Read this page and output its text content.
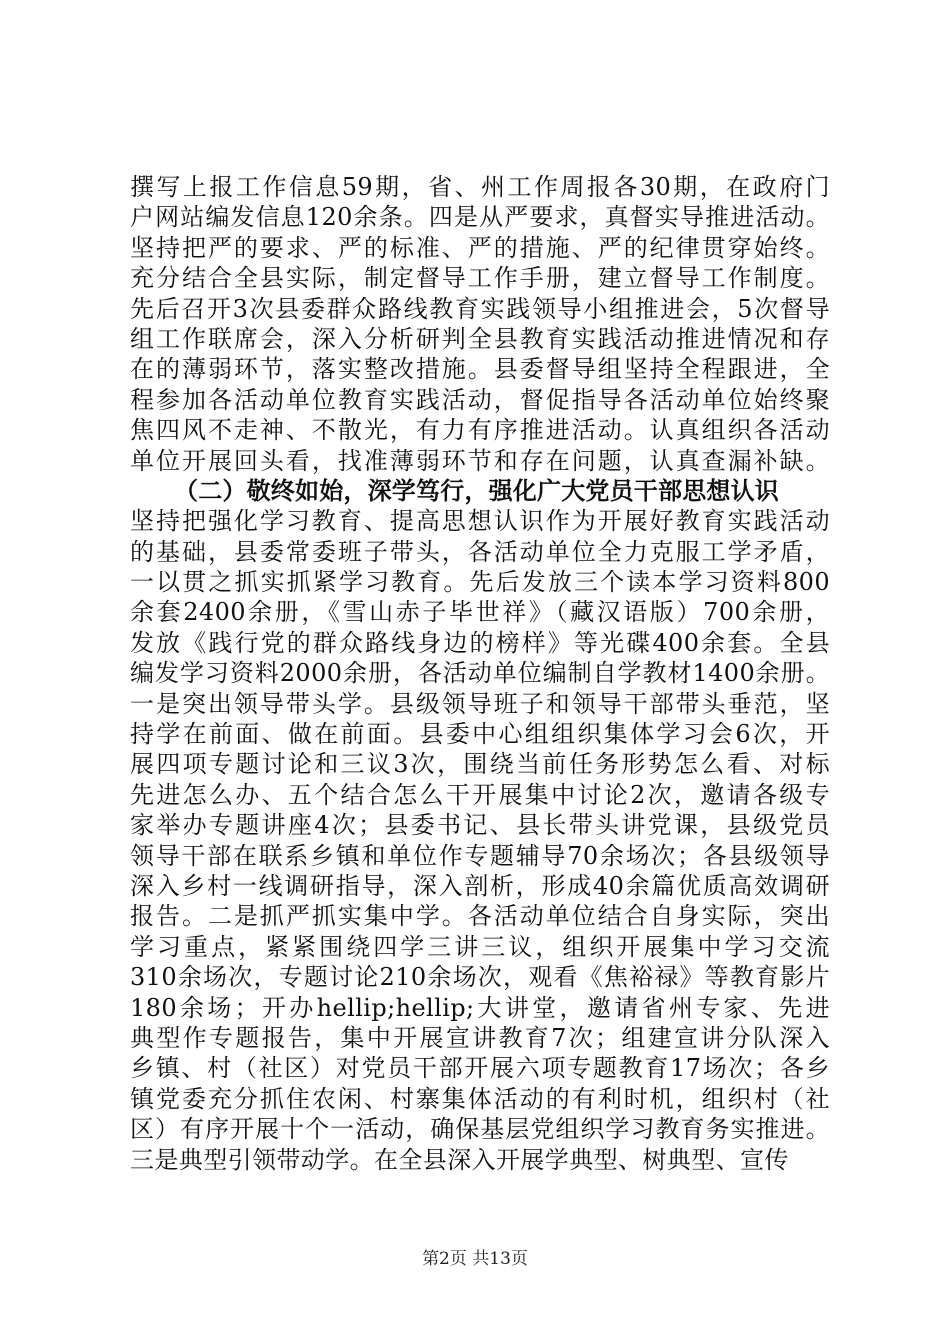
撰写上报工作信息59期，省、州工作周报各30期，在政府门
户网站编发信息120余条。四是从严要求，真督实导推进活动。
坚持把严的要求、严的标准、严的措施、严的纪律贯穿始终。
充分结合全县实际，制定督导工作手册，建立督导工作制度。
先后召开3次县委群众路线教育实践领导小组推进会，5次督导
组工作联席会，深入分析研判全县教育实践活动推进情况和存
在的薄弱环节，落实整改措施。县委督导组坚持全程跟进，全
程参加各活动单位教育实践活动，督促指导各活动单位始终聚
焦四风不走神、不散光，有力有序推进活动。认真组织各活动
单位开展回头看，找准薄弱环节和存在问题，认真查漏补缺。
（二）敬终如始，深学笃行，强化广大党员干部思想认识
坚持把强化学习教育、提高思想认识作为开展好教育实践活动
的基础，县委常委班子带头，各活动单位全力克服工学矛盾，
一以贯之抓实抓紧学习教育。先后发放三个读本学习资料800
余套2400余册，《雪山赤子毕世祥》（藏汉语版）700余册，
发放《践行党的群众路线身边的榜样》等光碟400余套。全县
编发学习资料2000余册，各活动单位编制自学教材1400余册。
一是突出领导带头学。县级领导班子和领导干部带头垂范，坚
持学在前面、做在前面。县委中心组组织集体学习会6次，开
展四项专题讨论和三议3次，围绕当前任务形势怎么看、对标
先进怎么办、五个结合怎么干开展集中讨论2次，邀请各级专
家举办专题讲座4次；县委书记、县长带头讲党课，县级党员
领导干部在联系乡镇和单位作专题辅导70余场次；各县级领导
深入乡村一线调研指导，深入剖析，形成40余篇优质高效调研
报告。二是抓严抓实集中学。各活动单位结合自身实际，突出
学习重点，紧紧围绕四学三讲三议，组织开展集中学习交流
310余场次，专题讨论210余场次，观看《焦裕禄》等教育影片
180余场；开办hellip;hellip;大讲堂，邀请省州专家、先进
典型作专题报告，集中开展宣讲教育7次；组建宣讲分队深入
乡镇、村（社区）对党员干部开展六项专题教育17场次；各乡
镇党委充分抓住农闲、村寨集体活动的有利时机，组织村（社
区）有序开展十个一活动，确保基层党组织学习教育务实推进。
三是典型引领带动学。在全县深入开展学典型、树典型、宣传
第2页 共13页
